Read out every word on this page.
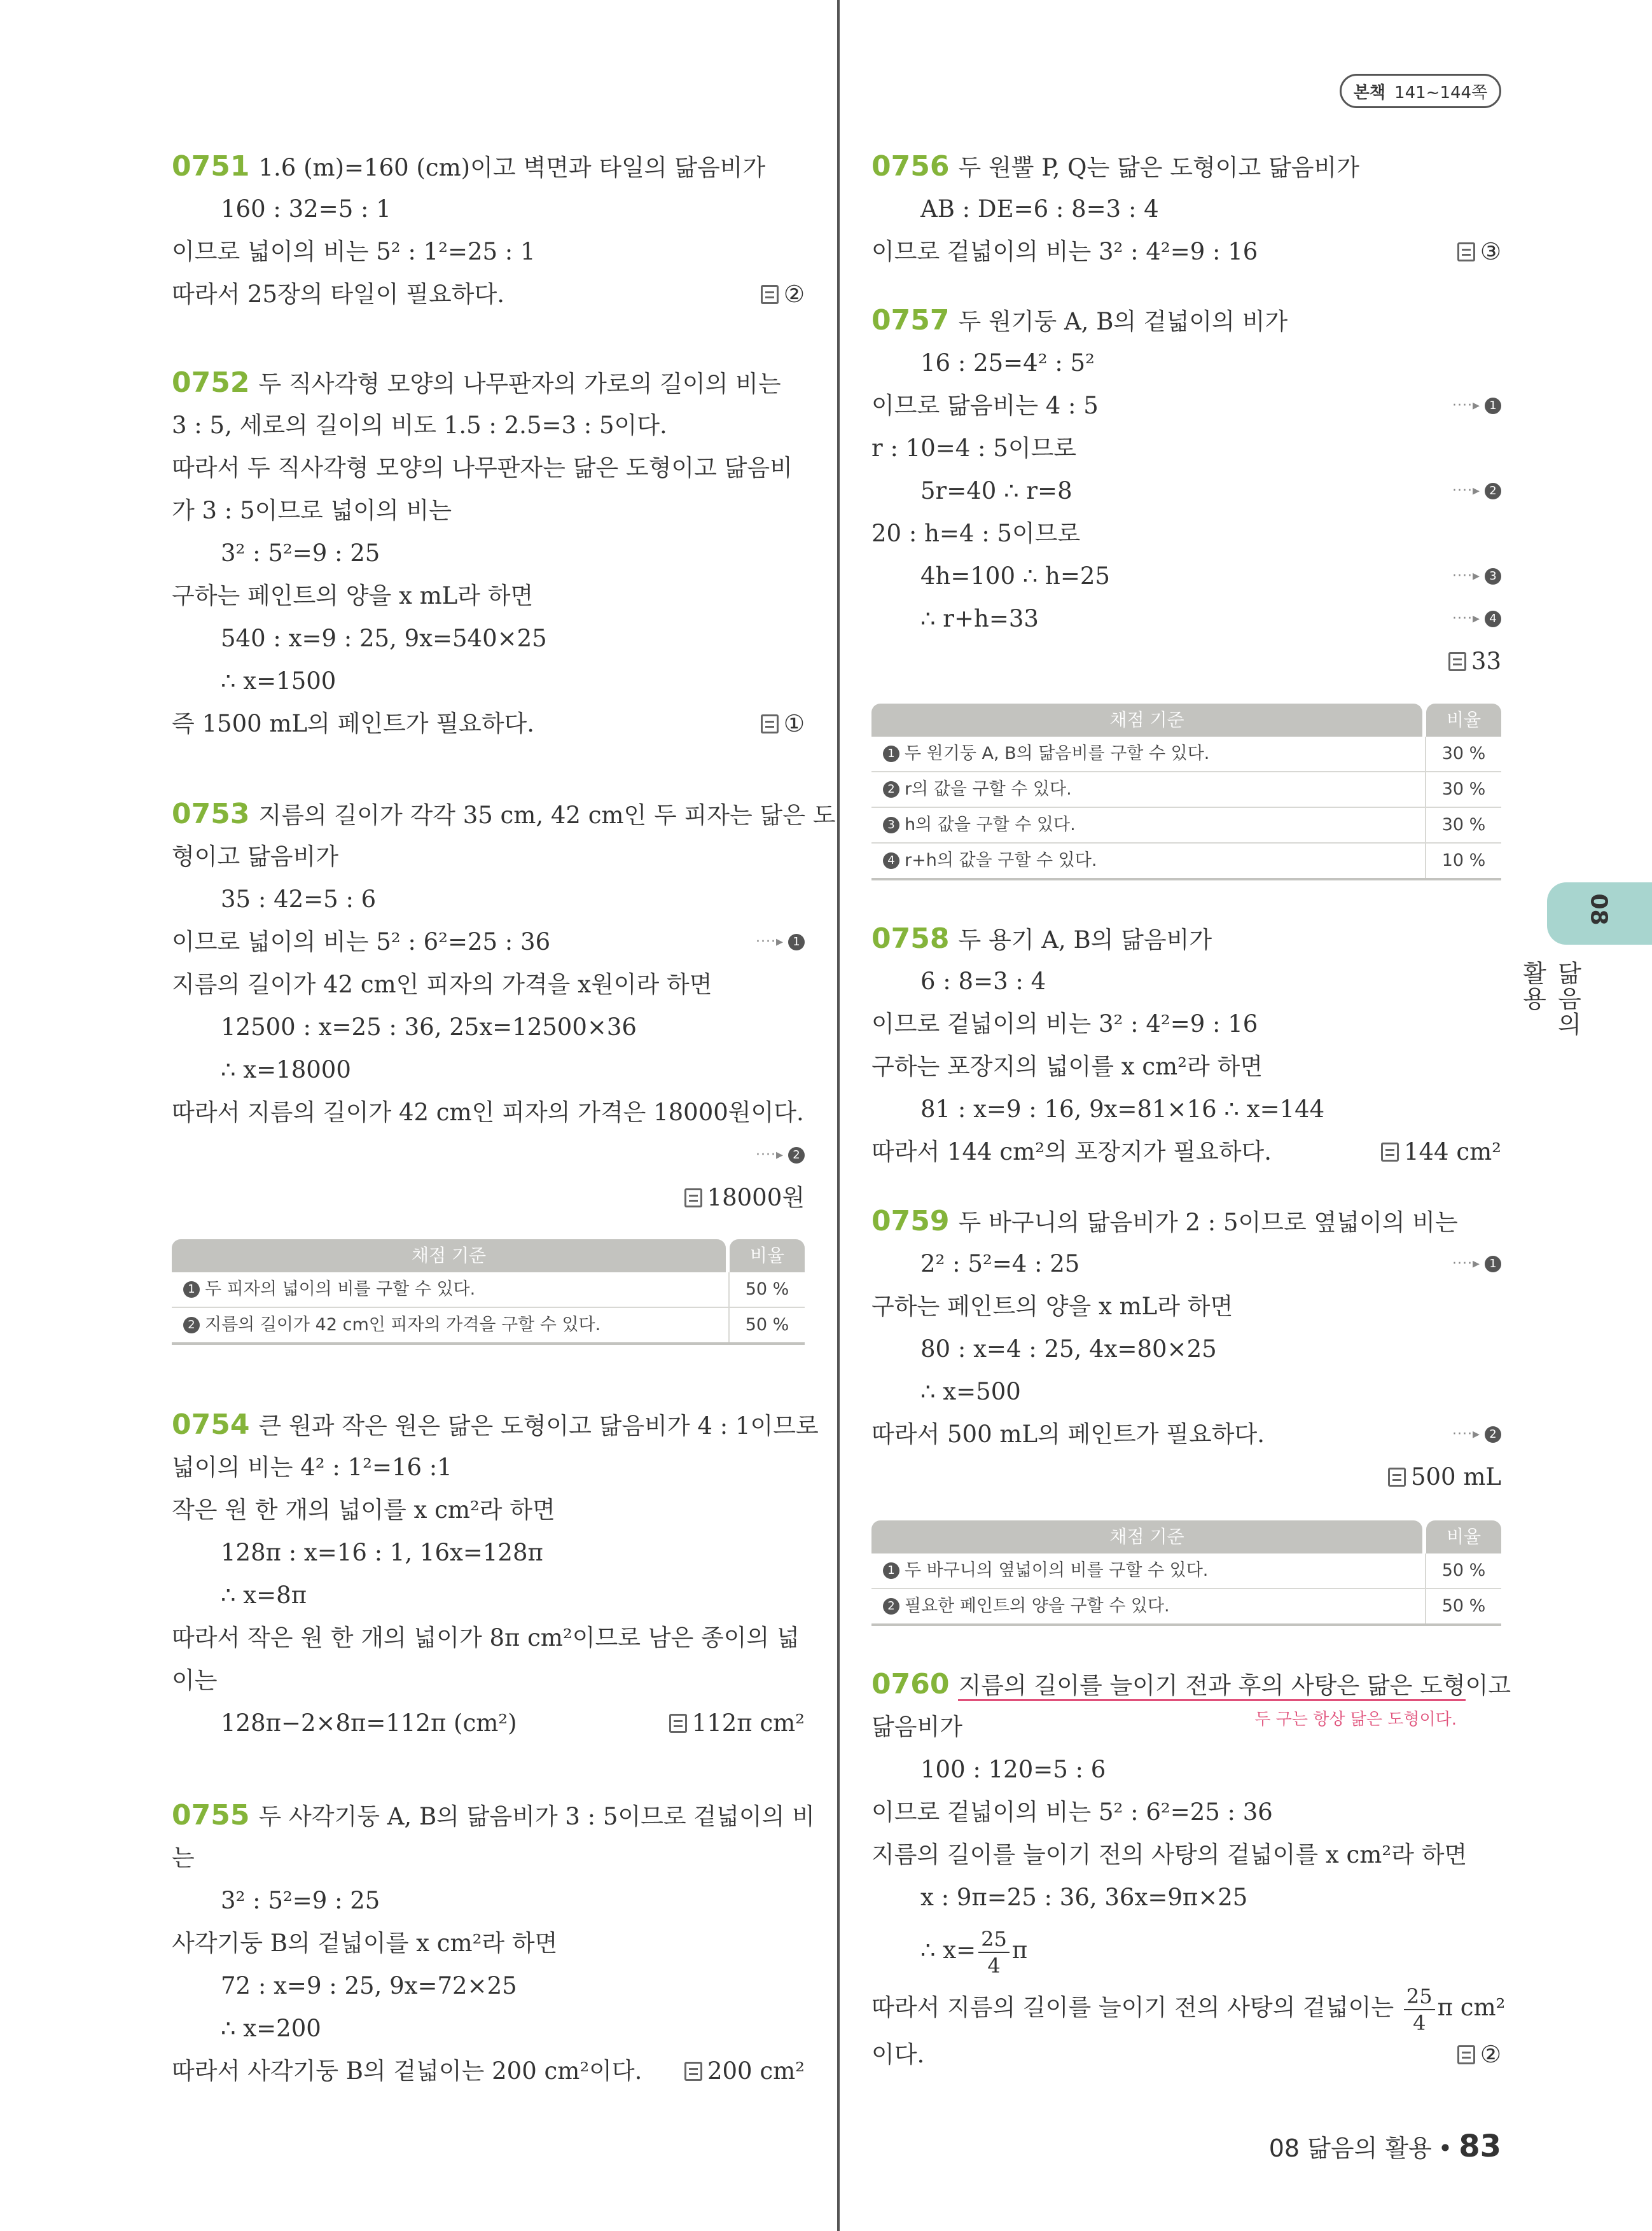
본책 141~144쪽
0751 1.6 (m)=160 (cm)이고 벽면과 타일의 닮음비가
160 : 32=5 : 1
이므로 넓이의 비는 5² : 1²=25 : 1
따라서 25장의 타일이 필요하다.	②
0752 두 직사각형 모양의 나무판자의 가로의 길이의 비는
3 : 5, 세로의 길이의 비도 1.5 : 2.5=3 : 5이다.
따라서 두 직사각형 모양의 나무판자는 닮은 도형이고 닮음비
가 3 : 5이므로 넓이의 비는
3² : 5²=9 : 25
구하는 페인트의 양을 x mL라 하면
540 : x=9 : 25, 9x=540×25
∴ x=1500
즉 1500 mL의 페인트가 필요하다.	①
0753 지름의 길이가 각각 35 cm, 42 cm인 두 피자는 닮은 도
형이고 닮음비가
35 : 42=5 : 6
이므로 넓이의 비는 5² : 6²=25 : 36	····▸ 1
지름의 길이가 42 cm인 피자의 가격을 x원이라 하면
12500 : x=25 : 36, 25x=12500×36
∴ x=18000
따라서 지름의 길이가 42 cm인 피자의 가격은 18000원이다.
····▸ 2
18000원
채점 기준	비율
1 두 피자의 넓이의 비를 구할 수 있다.	50 %
2 지름의 길이가 42 cm인 피자의 가격을 구할 수 있다.	50 %
0754 큰 원과 작은 원은 닮은 도형이고 닮음비가 4 : 1이므로
넓이의 비는 4² : 1²=16 :1
작은 원 한 개의 넓이를 x cm²라 하면
128π : x=16 : 1, 16x=128π
∴ x=8π
따라서 작은 원 한 개의 넓이가 8π cm²이므로 남은 종이의 넓
이는
128π−2×8π=112π (cm²)	112π cm²
0755 두 사각기둥 A, B의 닮음비가 3 : 5이므로 겉넓이의 비
는
3² : 5²=9 : 25
사각기둥 B의 겉넓이를 x cm²라 하면
72 : x=9 : 25, 9x=72×25
∴ x=200
따라서 사각기둥 B의 겉넓이는 200 cm²이다.	200 cm²
0756 두 원뿔 P, Q는 닮은 도형이고 닮음비가
AB : DE=6 : 8=3 : 4
이므로 겉넓이의 비는 3² : 4²=9 : 16	③
0757 두 원기둥 A, B의 겉넓이의 비가
16 : 25=4² : 5²
이므로 닮음비는 4 : 5	····▸ 1
r : 10=4 : 5이므로
5r=40 ∴ r=8	····▸ 2
20 : h=4 : 5이므로
4h=100 ∴ h=25	····▸ 3
∴ r+h=33	····▸ 4
33
채점 기준	비율
1 두 원기둥 A, B의 닮음비를 구할 수 있다.	30 %
2 r의 값을 구할 수 있다.	30 %
3 h의 값을 구할 수 있다.	30 %
4 r+h의 값을 구할 수 있다.	10 %
0758 두 용기 A, B의 닮음비가
6 : 8=3 : 4
이므로 겉넓이의 비는 3² : 4²=9 : 16
구하는 포장지의 넓이를 x cm²라 하면
81 : x=9 : 16, 9x=81×16 ∴ x=144
따라서 144 cm²의 포장지가 필요하다.	144 cm²
0759 두 바구니의 닮음비가 2 : 5이므로 옆넓이의 비는
2² : 5²=4 : 25	····▸ 1
구하는 페인트의 양을 x mL라 하면
80 : x=4 : 25, 4x=80×25
∴ x=500
따라서 500 mL의 페인트가 필요하다.	····▸ 2
500 mL
채점 기준	비율
1 두 바구니의 옆넓이의 비를 구할 수 있다.	50 %
2 필요한 페인트의 양을 구할 수 있다.	50 %
0760 지름의 길이를 늘이기 전과 후의 사탕은 닮은 도형이고
두 구는 항상 닮은 도형이다.
닮음비가
100 : 120=5 : 6
이므로 겉넓이의 비는 5² : 6²=25 : 36
지름의 길이를 늘이기 전의 사탕의 겉넓이를 x cm²라 하면
x : 9π=25 : 36, 36x=9π×25
∴ $x= \frac{25}{4}$ π
따라서 지름의 길이를 늘이기 전의 사탕의 겉넓이는 $\frac{25}{4}$ π cm²
이다.	②
08
닮음의 활용
08 닮음의 활용 • 83
